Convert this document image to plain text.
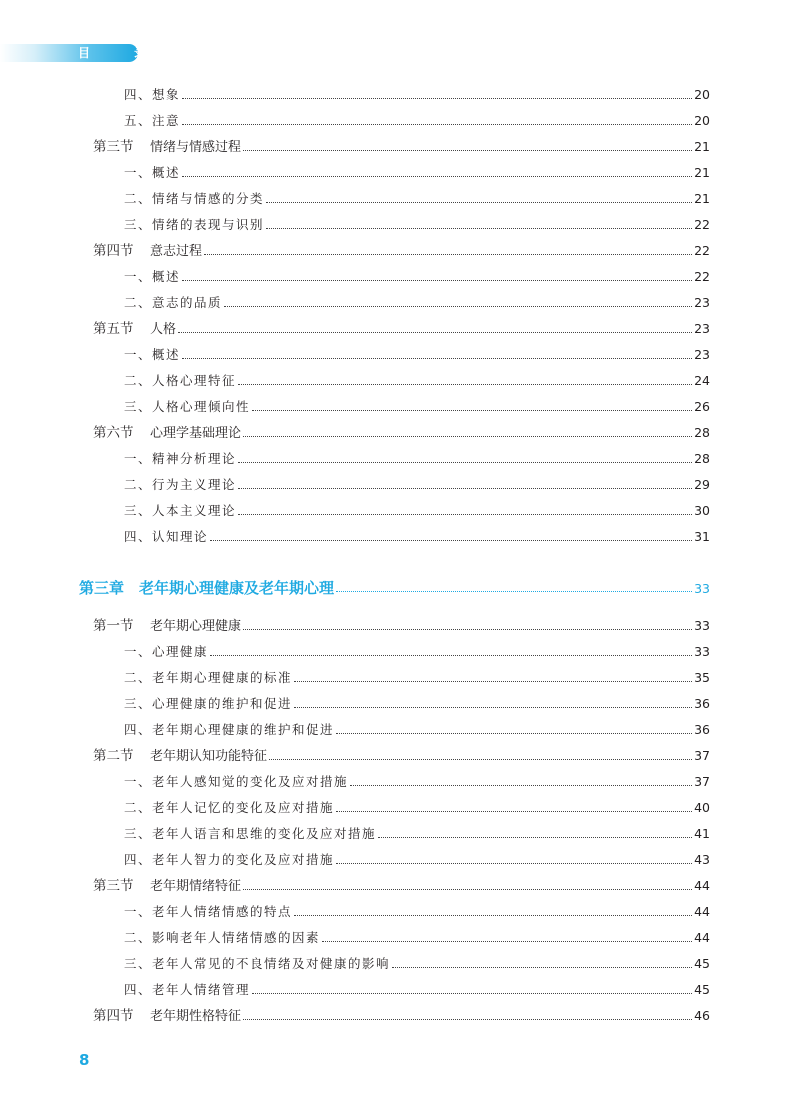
目 录
四、想象	20
五、注意	20
第三节	情绪与情感过程	21
一、概述	21
二、情绪与情感的分类	21
三、情绪的表现与识别	22
第四节	意志过程	22
一、概述	22
二、意志的品质	23
第五节	人格	23
一、概述	23
二、人格心理特征	24
三、人格心理倾向性	26
第六节	心理学基础理论	28
一、精神分析理论	28
二、行为主义理论	29
三、人本主义理论	30
四、认知理论	31
第三章 老年期心理健康及老年期心理	33
第一节	老年期心理健康	33
一、心理健康	33
二、老年期心理健康的标准	35
三、心理健康的维护和促进	36
四、老年期心理健康的维护和促进	36
第二节	老年期认知功能特征	37
一、老年人感知觉的变化及应对措施	37
二、老年人记忆的变化及应对措施	40
三、老年人语言和思维的变化及应对措施	41
四、老年人智力的变化及应对措施	43
第三节	老年期情绪特征	44
一、老年人情绪情感的特点	44
二、影响老年人情绪情感的因素	44
三、老年人常见的不良情绪及对健康的影响	45
四、老年人情绪管理	45
第四节	老年期性格特征	46
8
